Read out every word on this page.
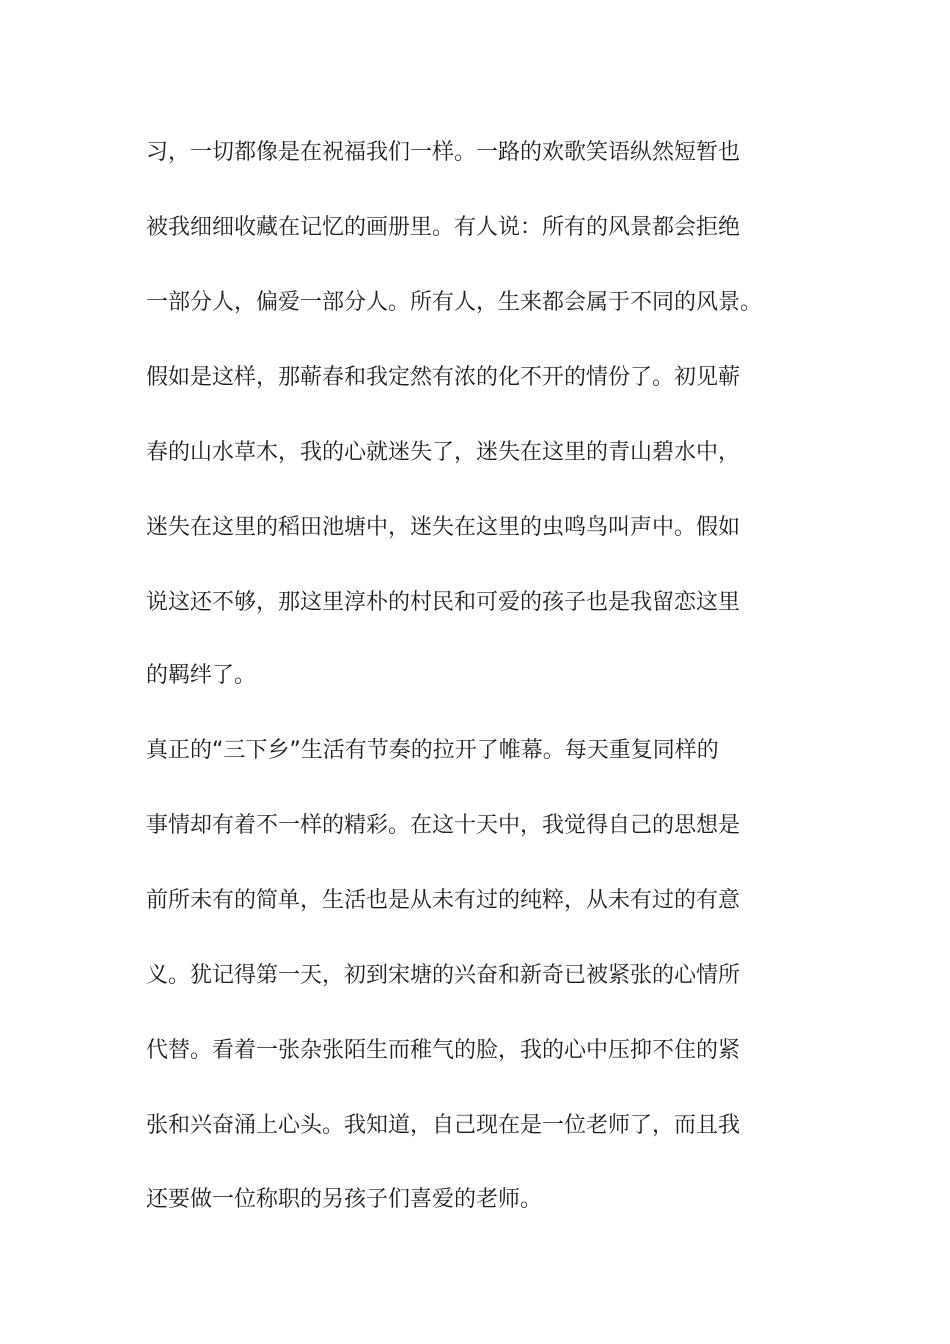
习，一切都像是在祝福我们一样。一路的欢歌笑语纵然短暂也
被我细细收藏在记忆的画册里。有人说：所有的风景都会拒绝
一部分人，偏爱一部分人。所有人，生来都会属于不同的风景。
假如是这样，那蕲春和我定然有浓的化不开的情份了。初见蕲
春的山水草木，我的心就迷失了，迷失在这里的青山碧水中，
迷失在这里的稻田池塘中，迷失在这里的虫鸣鸟叫声中。假如
说这还不够，那这里淳朴的村民和可爱的孩子也是我留恋这里
的羁绊了。
真正的“三下乡”生活有节奏的拉开了帷幕。每天重复同样的
事情却有着不一样的精彩。在这十天中，我觉得自己的思想是
前所未有的简单，生活也是从未有过的纯粹，从未有过的有意
义。犹记得第一天，初到宋塘的兴奋和新奇已被紧张的心情所
代替。看着一张杂张陌生而稚气的脸，我的心中压抑不住的紧
张和兴奋涌上心头。我知道，自己现在是一位老师了，而且我
还要做一位称职的另孩子们喜爱的老师。
